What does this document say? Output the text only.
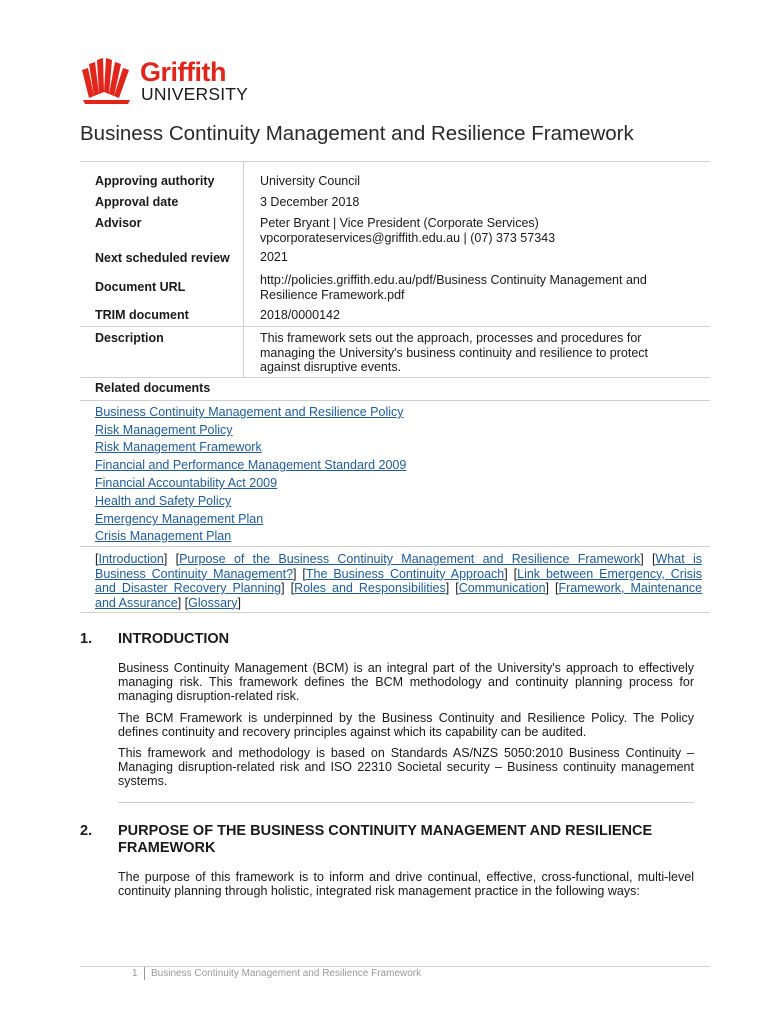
Griffith
UNIVERSITY
Business Continuity Management and Resilience Framework
Approving authority	University Council
Approval date	3 December 2018
Advisor	Peter Bryant | Vice President (Corporate Services)
vpcorporateservices@griffith.edu.au | (07) 373 57343
Next scheduled review 2021
Document URL	http://policies.griffith.edu.au/pdf/Business Continuity Management and
Resilience Framework.pdf
TRIM document	2018/0000142
Description	This framework sets out the approach, processes and procedures for
managing the University's business continuity and resilience to protect
against disruptive events.
Related documents
Business Continuity Management and Resilience Policy
Risk Management Policy
Risk Management Framework
Financial and Performance Management Standard 2009
Financial Accountability Act 2009
Health and Safety Policy
Emergency Management Plan
Crisis Management Plan
[Introduction] [Purpose of the Business Continuity Management and Resilience Framework] [What is Business Continuity Management?] [The Business Continuity Approach] [Link between Emergency, Crisis and Disaster Recovery Planning] [Roles and Responsibilities] [Communication] [Framework, Maintenance and Assurance] [Glossary]
1. INTRODUCTION

Business Continuity Management (BCM) is an integral part of the University's approach to effectively managing risk. This framework defines the BCM methodology and continuity planning process for managing disruption-related risk.

The BCM Framework is underpinned by the Business Continuity and Resilience Policy. The Policy defines continuity and recovery principles against which its capability can be audited.

This framework and methodology is based on Standards AS/NZS 5050:2010 Business Continuity – Managing disruption-related risk and ISO 22310 Societal security – Business continuity management systems.

2. PURPOSE OF THE BUSINESS CONTINUITY MANAGEMENT AND RESILIENCE FRAMEWORK

The purpose of this framework is to inform and drive continual, effective, cross-functional, multi-level continuity planning through holistic, integrated risk management practice in the following ways:

1 Business Continuity Management and Resilience Framework
